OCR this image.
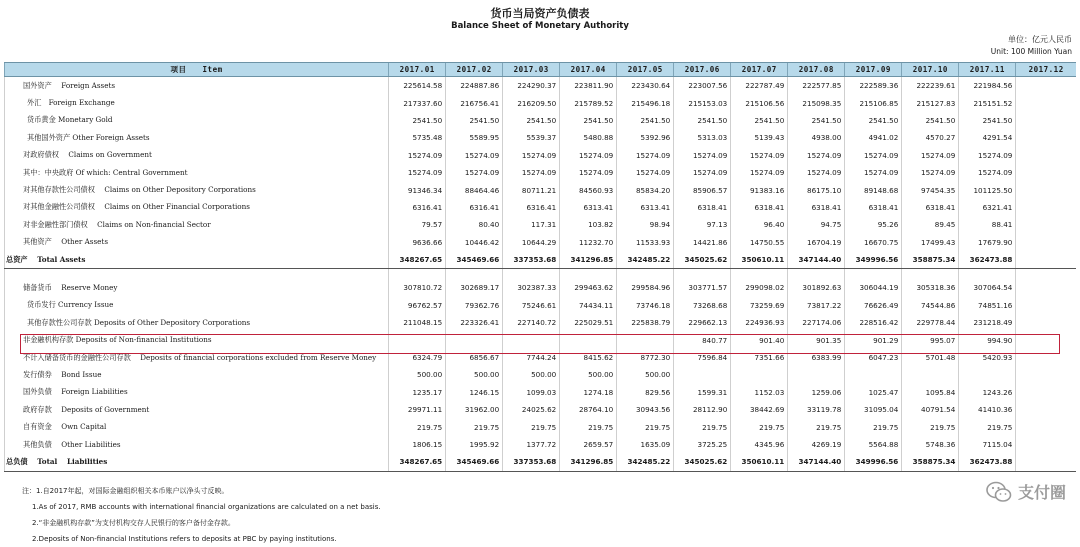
货币当局资产负债表
Balance Sheet of Monetary Authority
单位：亿元人民币
Unit: 100 Million Yuan
项目　　Item	2017.01	2017.02	2017.03	2017.04	2017.05	2017.06	2017.07	2017.08	2017.09	2017.10	2017.11	2017.12
国外资产　 Foreign Assets	225614.58	224887.86	224290.37	223811.90	223430.64	223007.56	222787.49	222577.85	222589.36	222239.61	221984.56	
外汇　Foreign Exchange	217337.60	216756.41	216209.50	215789.52	215496.18	215153.03	215106.56	215098.35	215106.85	215127.83	215151.52	
货币黄金 Monetary Gold	2541.50	2541.50	2541.50	2541.50	2541.50	2541.50	2541.50	2541.50	2541.50	2541.50	2541.50	
其他国外资产 Other Foreign Assets	5735.48	5589.95	5539.37	5480.88	5392.96	5313.03	5139.43	4938.00	4941.02	4570.27	4291.54	
对政府债权　 Claims on Government	15274.09	15274.09	15274.09	15274.09	15274.09	15274.09	15274.09	15274.09	15274.09	15274.09	15274.09	
其中：中央政府 Of which: Central Government	15274.09	15274.09	15274.09	15274.09	15274.09	15274.09	15274.09	15274.09	15274.09	15274.09	15274.09	
对其他存款性公司债权　 Claims on Other Depository Corporations	91346.34	88464.46	80711.21	84560.93	85834.20	85906.57	91383.16	86175.10	89148.68	97454.35	101125.50	
对其他金融性公司债权　 Claims on Other Financial Corporations	6316.41	6316.41	6316.41	6313.41	6313.41	6318.41	6318.41	6318.41	6318.41	6318.41	6321.41	
对非金融性部门债权　 Claims on Non-financial Sector	79.57	80.40	117.31	103.82	98.94	97.13	96.40	94.75	95.26	89.45	88.41	
其他资产　 Other Assets	9636.66	10446.42	10644.29	11232.70	11533.93	14421.86	14750.55	16704.19	16670.75	17499.43	17679.90	
总资产　 Total Assets	348267.65	345469.66	337353.68	341296.85	342485.22	345025.62	350610.11	347144.40	349996.56	358875.34	362473.88	

储备货币　 Reserve Money	307810.72	302689.17	302387.33	299463.62	299584.96	303771.57	299098.02	301892.63	306044.19	305318.36	307064.54	
货币发行 Currency Issue	96762.57	79362.76	75246.61	74434.11	73746.18	73268.68	73259.69	73817.22	76626.49	74544.86	74851.16	
其他存款性公司存款 Deposits of Other Depository Corporations	211048.15	223326.41	227140.72	225029.51	225838.79	229662.13	224936.93	227174.06	228516.42	229778.44	231218.49	
非金融机构存款 Deposits of Non-financial Institutions						840.77	901.40	901.35	901.29	995.07	994.90	
不计入储备货币的金融性公司存款　 Deposits of financial corporations excluded from Reserve Money	6324.79	6856.67	7744.24	8415.62	8772.30	7596.84	7351.66	6383.99	6047.23	5701.48	5420.93	
发行债券　 Bond Issue	500.00	500.00	500.00	500.00	500.00							
国外负债　 Foreign Liabilities	1235.17	1246.15	1099.03	1274.18	829.56	1599.31	1152.03	1259.06	1025.47	1095.84	1243.26	
政府存款　 Deposits of Government	29971.11	31962.00	24025.62	28764.10	30943.56	28112.90	38442.69	33119.78	31095.04	40791.54	41410.36	
自有资金　 Own Capital	219.75	219.75	219.75	219.75	219.75	219.75	219.75	219.75	219.75	219.75	219.75	
其他负债　 Other Liabilities	1806.15	1995.92	1377.72	2659.57	1635.09	3725.25	4345.96	4269.19	5564.88	5748.36	7115.04	
总负债　 Total　 Liabilities	348267.65	345469.66	337353.68	341296.85	342485.22	345025.62	350610.11	347144.40	349996.56	358875.34	362473.88	
注：1.自2017年起，对国际金融组织相关本币账户以净头寸反映。
1.As of 2017, RMB accounts with international financial organizations are calculated on a net basis.
2.“非金融机构存款”为支付机构交存人民银行的客户备付金存款。
2.Deposits of Non-financial Institutions refers to deposits at PBC by paying institutions.
支付圈
